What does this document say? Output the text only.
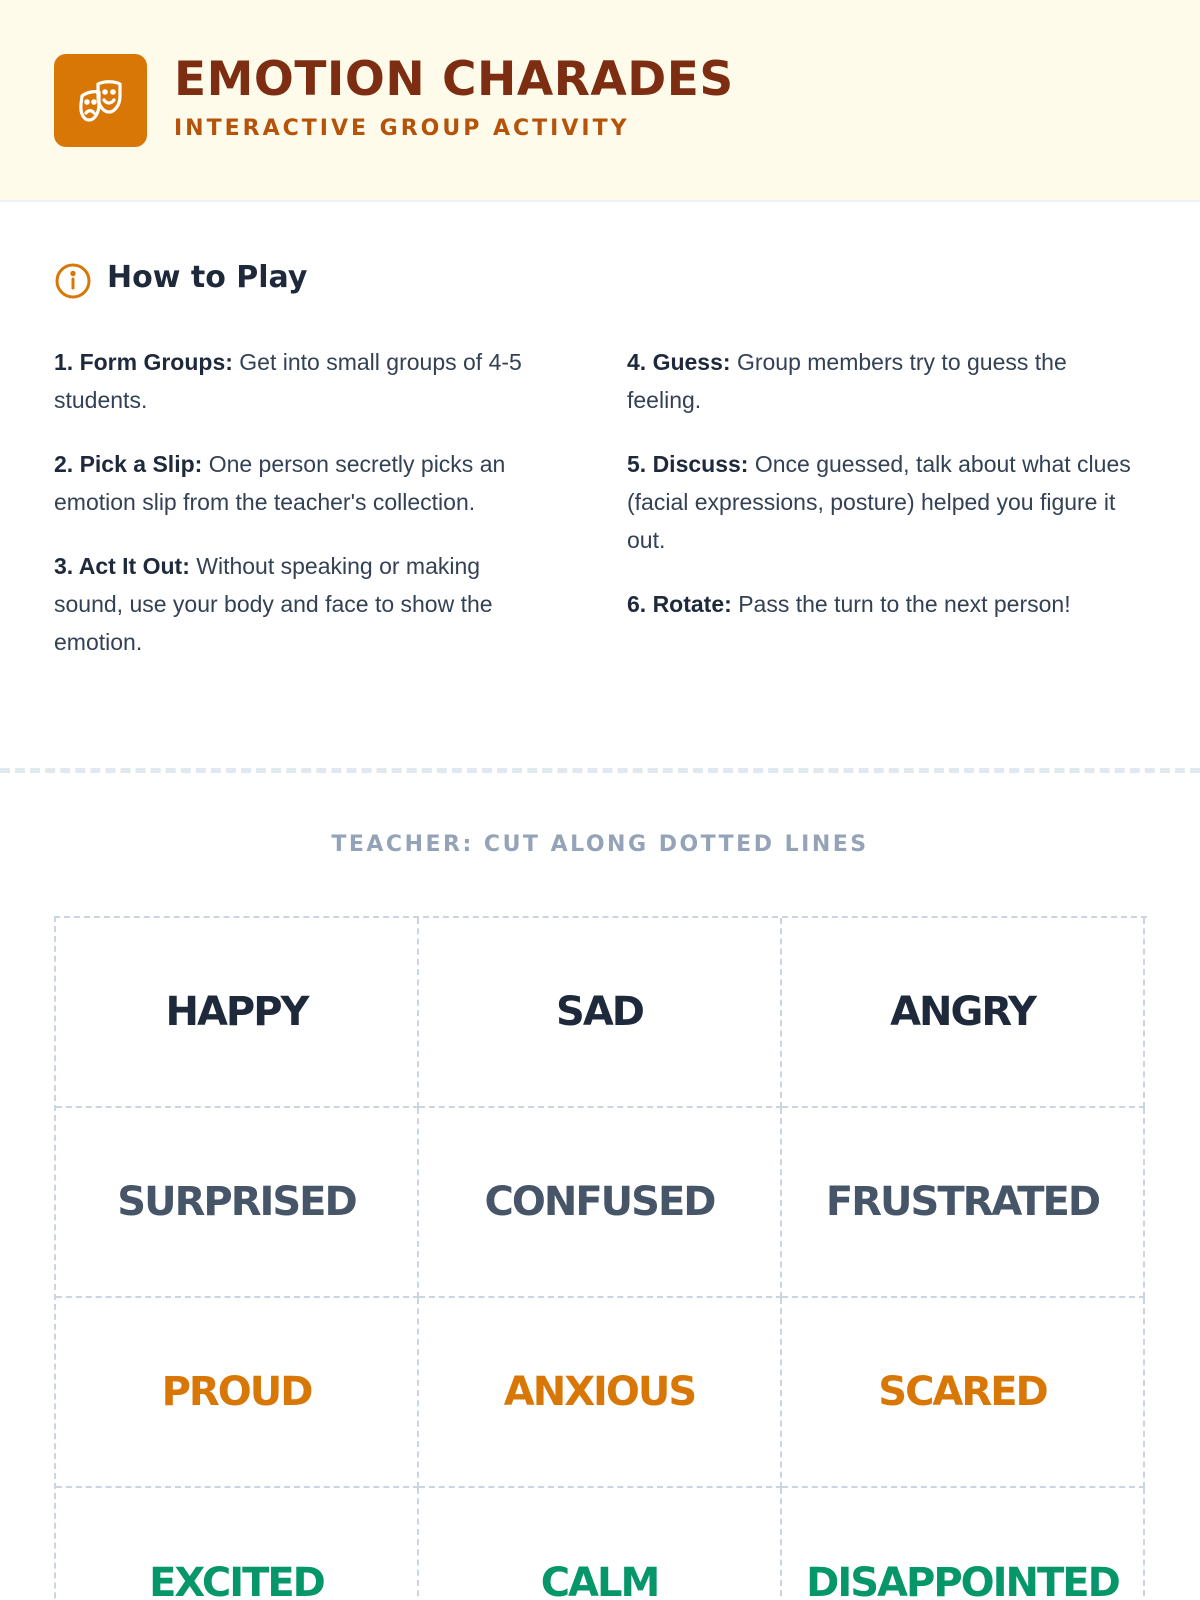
EMOTION CHARADES
INTERACTIVE GROUP ACTIVITY
How to Play

1. Form Groups: Get into small groups of 4-5 students.

2. Pick a Slip: One person secretly picks an emotion slip from the teacher's collection.

3. Act It Out: Without speaking or making sound, use your body and face to show the emotion.

4. Guess: Group members try to guess the feeling.

5. Discuss: Once guessed, talk about what clues (facial expressions, posture) helped you figure it out.

6. Rotate: Pass the turn to the next person!

TEACHER: CUT ALONG DOTTED LINES
HAPPY	SAD	ANGRY
SURPRISED	CONFUSED	FRUSTRATED
PROUD	ANXIOUS	SCARED
EXCITED	CALM	DISAPPOINTED
